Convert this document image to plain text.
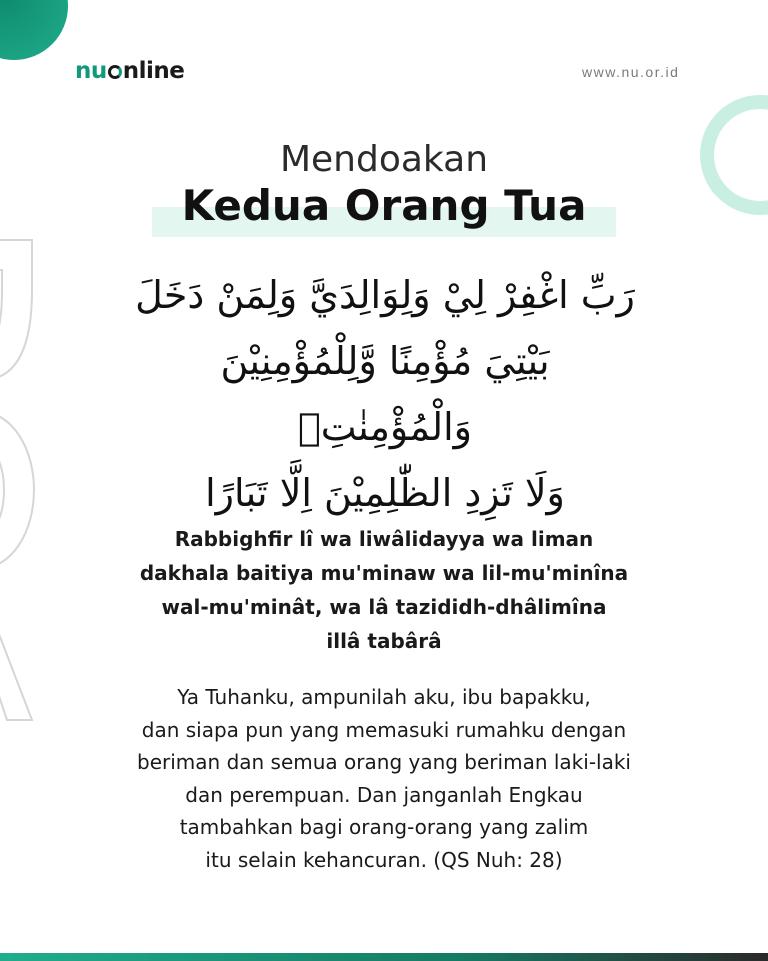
nu nline	www.nu.or.id
Mendoakan
Kedua Orang Tua
رَبِّ اغْفِرْ لِيْ وَلِوَالِدَيَّ وَلِمَنْ دَخَلَ
بَيْتِيَ مُؤْمِنًا وَّلِلْمُؤْمِنِيْنَ وَالْمُؤْمِنٰتِۗ
وَلَا تَزِدِ الظّٰلِمِيْنَ اِلَّا تَبَارًا
Rabbighfir lî wa liwâlidayya wa liman
dakhala baitiya mu'minaw wa lil-mu'minîna
wal-mu'minât, wa lâ tazididh-dhâlimîna
illâ tabârâ
Ya Tuhanku, ampunilah aku, ibu bapakku,
dan siapa pun yang memasuki rumahku dengan
beriman dan semua orang yang beriman laki-laki
dan perempuan. Dan janganlah Engkau
tambahkan bagi orang-orang yang zalim
itu selain kehancuran. (QS Nuh: 28)
